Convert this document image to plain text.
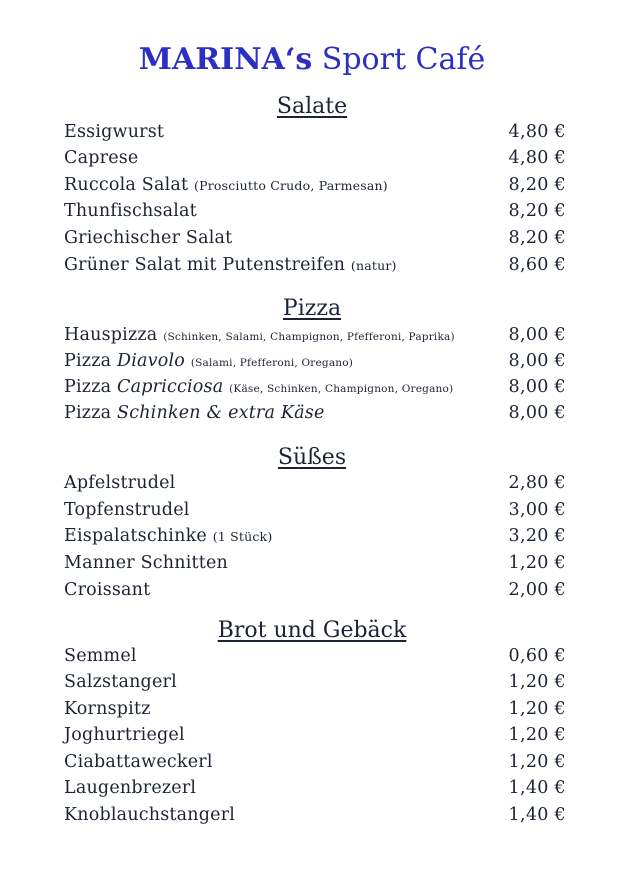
MARINA‘s Sport Café
Salate
Essigwurst	4,80 €
Caprese	4,80 €
Ruccola Salat (Prosciutto Crudo, Parmesan)	8,20 €
Thunfischsalat	8,20 €
Griechischer Salat	8,20 €
Grüner Salat mit Putenstreifen (natur)	8,60 €
Pizza
Hauspizza (Schinken, Salami, Champignon, Pfefferoni, Paprika)	8,00 €
Pizza Diavolo (Salami, Pfefferoni, Oregano)	8,00 €
Pizza Capricciosa (Käse, Schinken, Champignon, Oregano)	8,00 €
Pizza Schinken & extra Käse	8,00 €
Süßes
Apfelstrudel	2,80 €
Topfenstrudel	3,00 €
Eispalatschinke (1 Stück)	3,20 €
Manner Schnitten	1,20 €
Croissant	2,00 €
Brot und Gebäck
Semmel	0,60 €
Salzstangerl	1,20 €
Kornspitz	1,20 €
Joghurtriegel	1,20 €
Ciabattaweckerl	1,20 €
Laugenbrezerl	1,40 €
Knoblauchstangerl	1,40 €
